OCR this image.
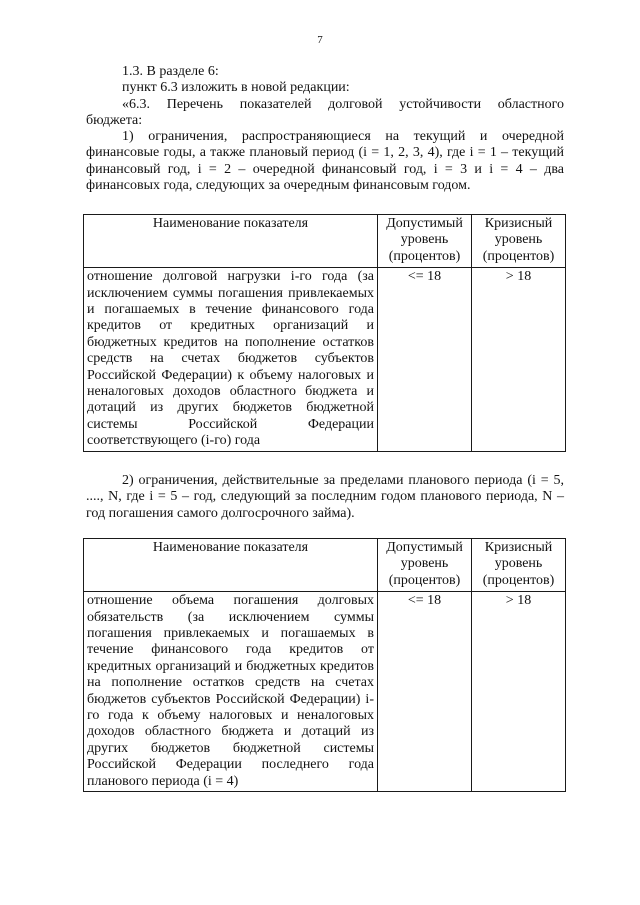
7

1.3. В разделе 6:

пункт 6.3 изложить в новой редакции:

«6.3. Перечень показателей долговой устойчивости областного

бюджета:

1) ограничения, распространяющиеся на текущий и очередной финансовые годы, а также плановый период (i = 1, 2, 3, 4), где i = 1 – текущий финансовый год, i = 2 – очередной финансовый год, i = 3 и i = 4 – два финансовых года, следующих за очередным финансовым годом.

Наименование показателя	Допустимый уровень (процентов)	Кризисный уровень (процентов)
отношение долговой нагрузки i-го года (за исключением суммы погашения привлекаемых и погашаемых в течение финансового года кредитов от кредитных организаций и бюджетных кредитов на пополнение остатков средств на счетах бюджетов субъектов Российской Федерации) к объему налоговых и неналоговых доходов областного бюджета и дотаций из других бюджетов бюджетной системы Российской Федерации соответствующего (i-го) года	<= 18	> 18

2) ограничения, действительные за пределами планового периода (i = 5, ...., N, где i = 5 – год, следующий за последним годом планового периода, N – год погашения самого долгосрочного займа).

Наименование показателя	Допустимый уровень (процентов)	Кризисный уровень (процентов)
отношение объема погашения долговых обязательств (за исключением суммы погашения привлекаемых и погашаемых в течение финансового года кредитов от кредитных организаций и бюджетных кредитов на пополнение остатков средств на счетах бюджетов субъектов Российской Федерации) i-го года к объему налоговых и неналоговых доходов областного бюджета и дотаций из других бюджетов бюджетной системы Российской Федерации последнего года планового периода (i = 4)	<= 18	> 18
